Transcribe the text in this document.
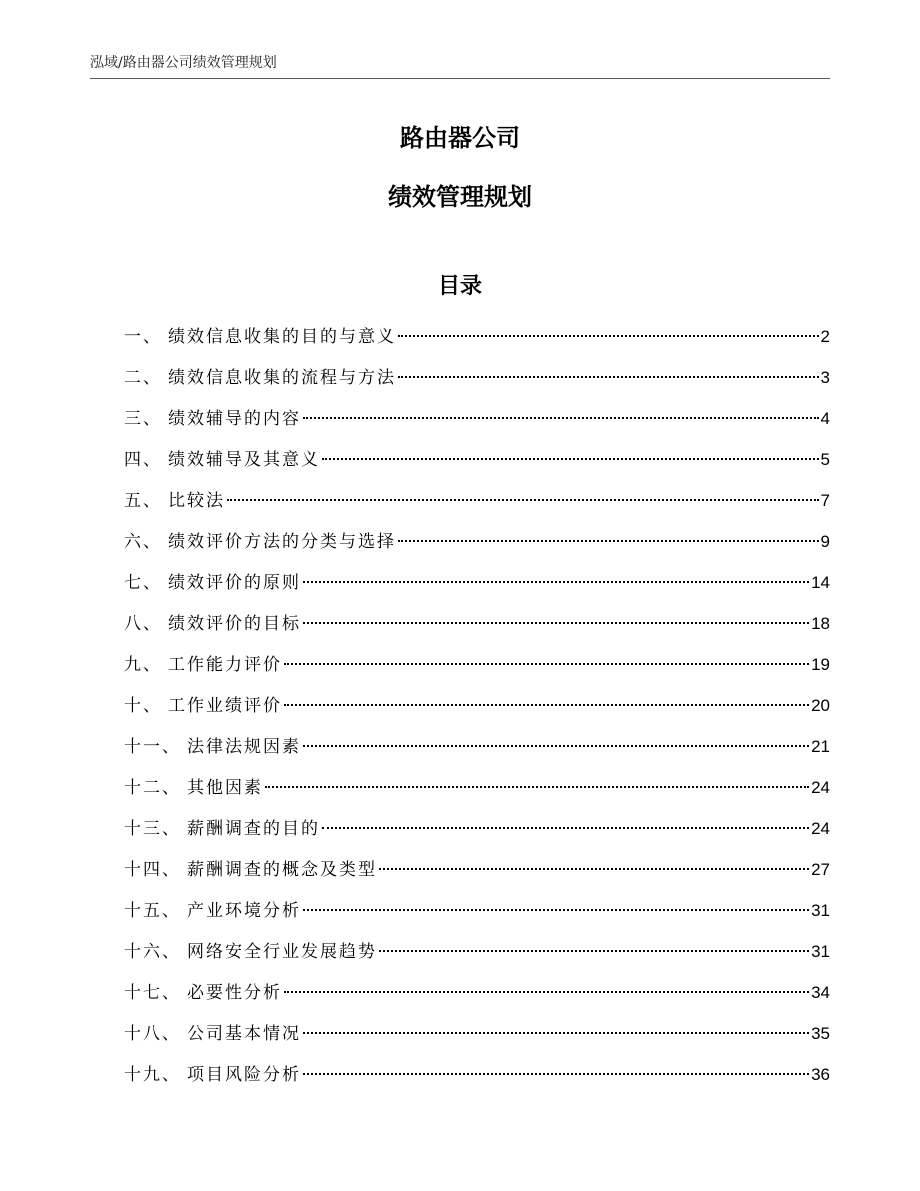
泓域/路由器公司绩效管理规划
路由器公司
绩效管理规划
目录
一、 绩效信息收集的目的与意义	2
二、 绩效信息收集的流程与方法	3
三、 绩效辅导的内容	4
四、 绩效辅导及其意义	5
五、 比较法	7
六、 绩效评价方法的分类与选择	9
七、 绩效评价的原则	14
八、 绩效评价的目标	18
九、 工作能力评价	19
十、 工作业绩评价	20
十一、 法律法规因素	21
十二、 其他因素	24
十三、 薪酬调查的目的	24
十四、 薪酬调查的概念及类型	27
十五、 产业环境分析	31
十六、 网络安全行业发展趋势	31
十七、 必要性分析	34
十八、 公司基本情况	35
十九、 项目风险分析	36
